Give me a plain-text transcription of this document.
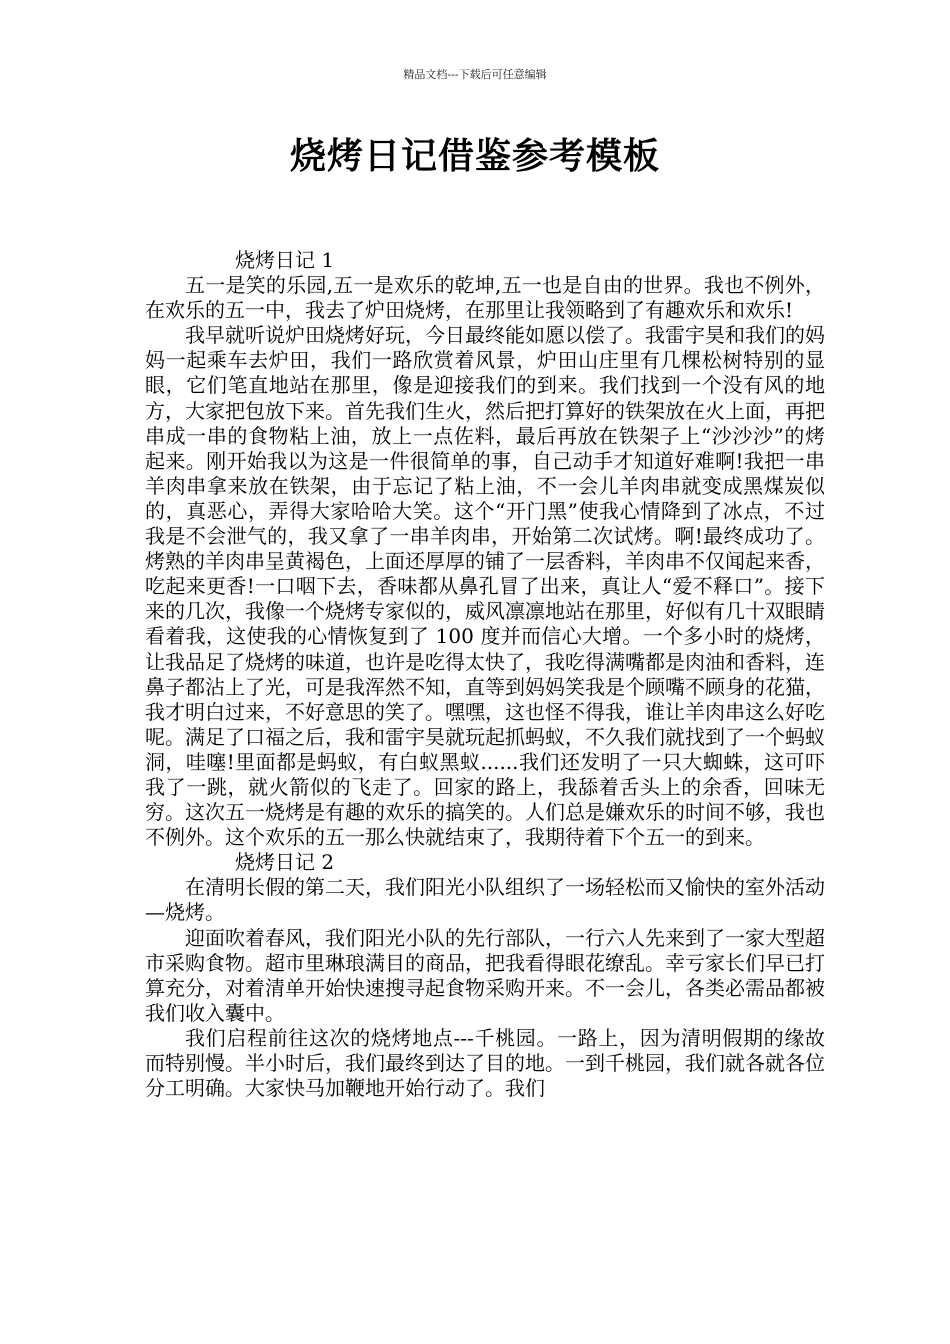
精品文档---下载后可任意编辑
烧烤日记借鉴参考模板
烧烤日记 1

五一是笑的乐园,五一是欢乐的乾坤,五一也是自由的世界。我也不例外，在欢乐的五一中，我去了炉田烧烤，在那里让我领略到了有趣欢乐和欢乐!

我早就听说炉田烧烤好玩，今日最终能如愿以偿了。我雷宇昊和我们的妈妈一起乘车去炉田，我们一路欣赏着风景，炉田山庄里有几棵松树特别的显眼，它们笔直地站在那里，像是迎接我们的到来。我们找到一个没有风的地方，大家把包放下来。首先我们生火，然后把打算好的铁架放在火上面，再把串成一串的食物粘上油，放上一点佐料，最后再放在铁架子上“沙沙沙”的烤起来。刚开始我以为这是一件很简单的事，自己动手才知道好难啊!我把一串羊肉串拿来放在铁架，由于忘记了粘上油，不一会儿羊肉串就变成黑煤炭似的，真恶心，弄得大家哈哈大笑。这个“开门黑”使我心情降到了冰点，不过我是不会泄气的，我又拿了一串羊肉串，开始第二次试烤。啊!最终成功了。烤熟的羊肉串呈黄褐色，上面还厚厚的铺了一层香料，羊肉串不仅闻起来香，吃起来更香!一口咽下去，香味都从鼻孔冒了出来，真让人“爱不释口”。接下来的几次，我像一个烧烤专家似的，威风凛凛地站在那里，好似有几十双眼睛看着我，这使我的心情恢复到了 100 度并而信心大增。一个多小时的烧烤，让我品足了烧烤的味道，也许是吃得太快了，我吃得满嘴都是肉油和香料，连鼻子都沾上了光，可是我浑然不知，直等到妈妈笑我是个顾嘴不顾身的花猫，我才明白过来，不好意思的笑了。嘿嘿，这也怪不得我，谁让羊肉串这么好吃呢。满足了口福之后，我和雷宇昊就玩起抓蚂蚁，不久我们就找到了一个蚂蚁洞，哇噻!里面都是蚂蚁，有白蚁黑蚁......我们还发明了一只大蜘蛛，这可吓我了一跳，就火箭似的飞走了。回家的路上，我舔着舌头上的余香，回味无穷。这次五一烧烤是有趣的欢乐的搞笑的。人们总是嫌欢乐的时间不够，我也不例外。这个欢乐的五一那么快就结束了，我期待着下个五一的到来。

烧烤日记 2

在清明长假的第二天，我们阳光小队组织了一场轻松而又愉快的室外活动—烧烤。

迎面吹着春风，我们阳光小队的先行部队，一行六人先来到了一家大型超市采购食物。超市里琳琅满目的商品，把我看得眼花缭乱。幸亏家长们早已打算充分，对着清单开始快速搜寻起食物采购开来。不一会儿，各类必需品都被我们收入囊中。

我们启程前往这次的烧烤地点---千桃园。一路上，因为清明假期的缘故而特别慢。半小时后，我们最终到达了目的地。一到千桃园，我们就各就各位分工明确。大家快马加鞭地开始行动了。我们
